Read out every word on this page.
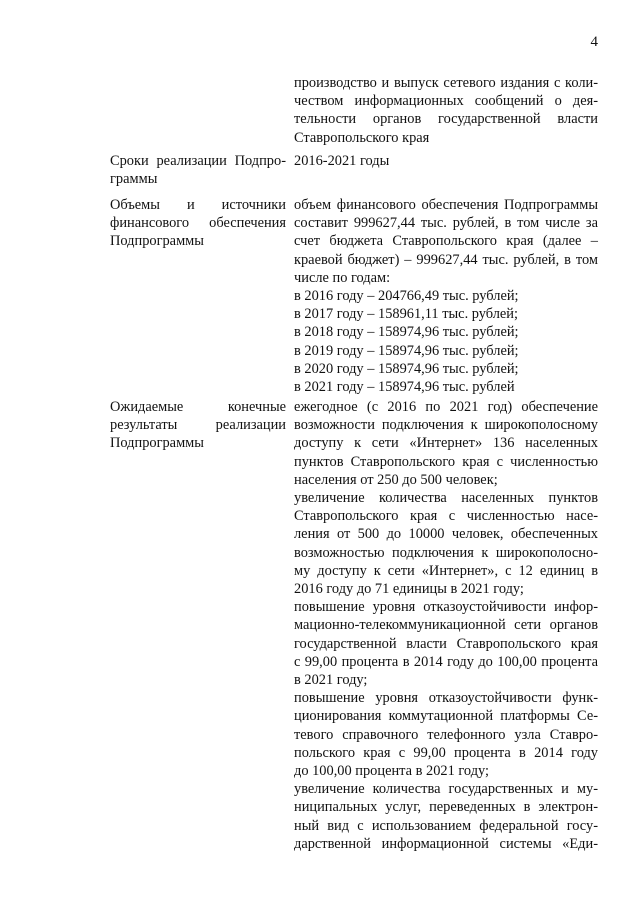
4
производство и выпуск сетевого издания с коли-
чеством информационных сообщений о дея-
тельности органов государственной власти
Ставропольского края
Сроки реализации Подпро-
граммы
2016-2021 годы
Объемы и источники
финансового обеспечения
Подпрограммы
объем финансового обеспечения Подпрограммы
составит 999627,44 тыс. рублей, в том числе за
счет бюджета Ставропольского края (далее –
краевой бюджет) – 999627,44 тыс. рублей, в том
числе по годам:
в 2016 году – 204766,49 тыс. рублей;
в 2017 году – 158961,11 тыс. рублей;
в 2018 году – 158974,96 тыс. рублей;
в 2019 году – 158974,96 тыс. рублей;
в 2020 году – 158974,96 тыс. рублей;
в 2021 году – 158974,96 тыс. рублей
Ожидаемые конечные
результаты реализации
Подпрограммы
ежегодное (с 2016 по 2021 год) обеспечение
возможности подключения к широкополосному
доступу к сети «Интернет» 136 населенных
пунктов Ставропольского края с численностью
населения от 250 до 500 человек;
увеличение количества населенных пунктов
Ставропольского края с численностью насе-
ления от 500 до 10000 человек, обеспеченных
возможностью подключения к широкополосно-
му доступу к сети «Интернет», с 12 единиц в
2016 году до 71 единицы в 2021 году;
повышение уровня отказоустойчивости инфор-
мационно-телекоммуникационной сети органов
государственной власти Ставропольского края
с 99,00 процента в 2014 году до 100,00 процента
в 2021 году;
повышение уровня отказоустойчивости функ-
ционирования коммутационной платформы Се-
тевого справочного телефонного узла Ставро-
польского края с 99,00 процента в 2014 году
до 100,00 процента в 2021 году;
увеличение количества государственных и му-
ниципальных услуг, переведенных в электрон-
ный вид с использованием федеральной госу-
дарственной информационной системы «Еди-
